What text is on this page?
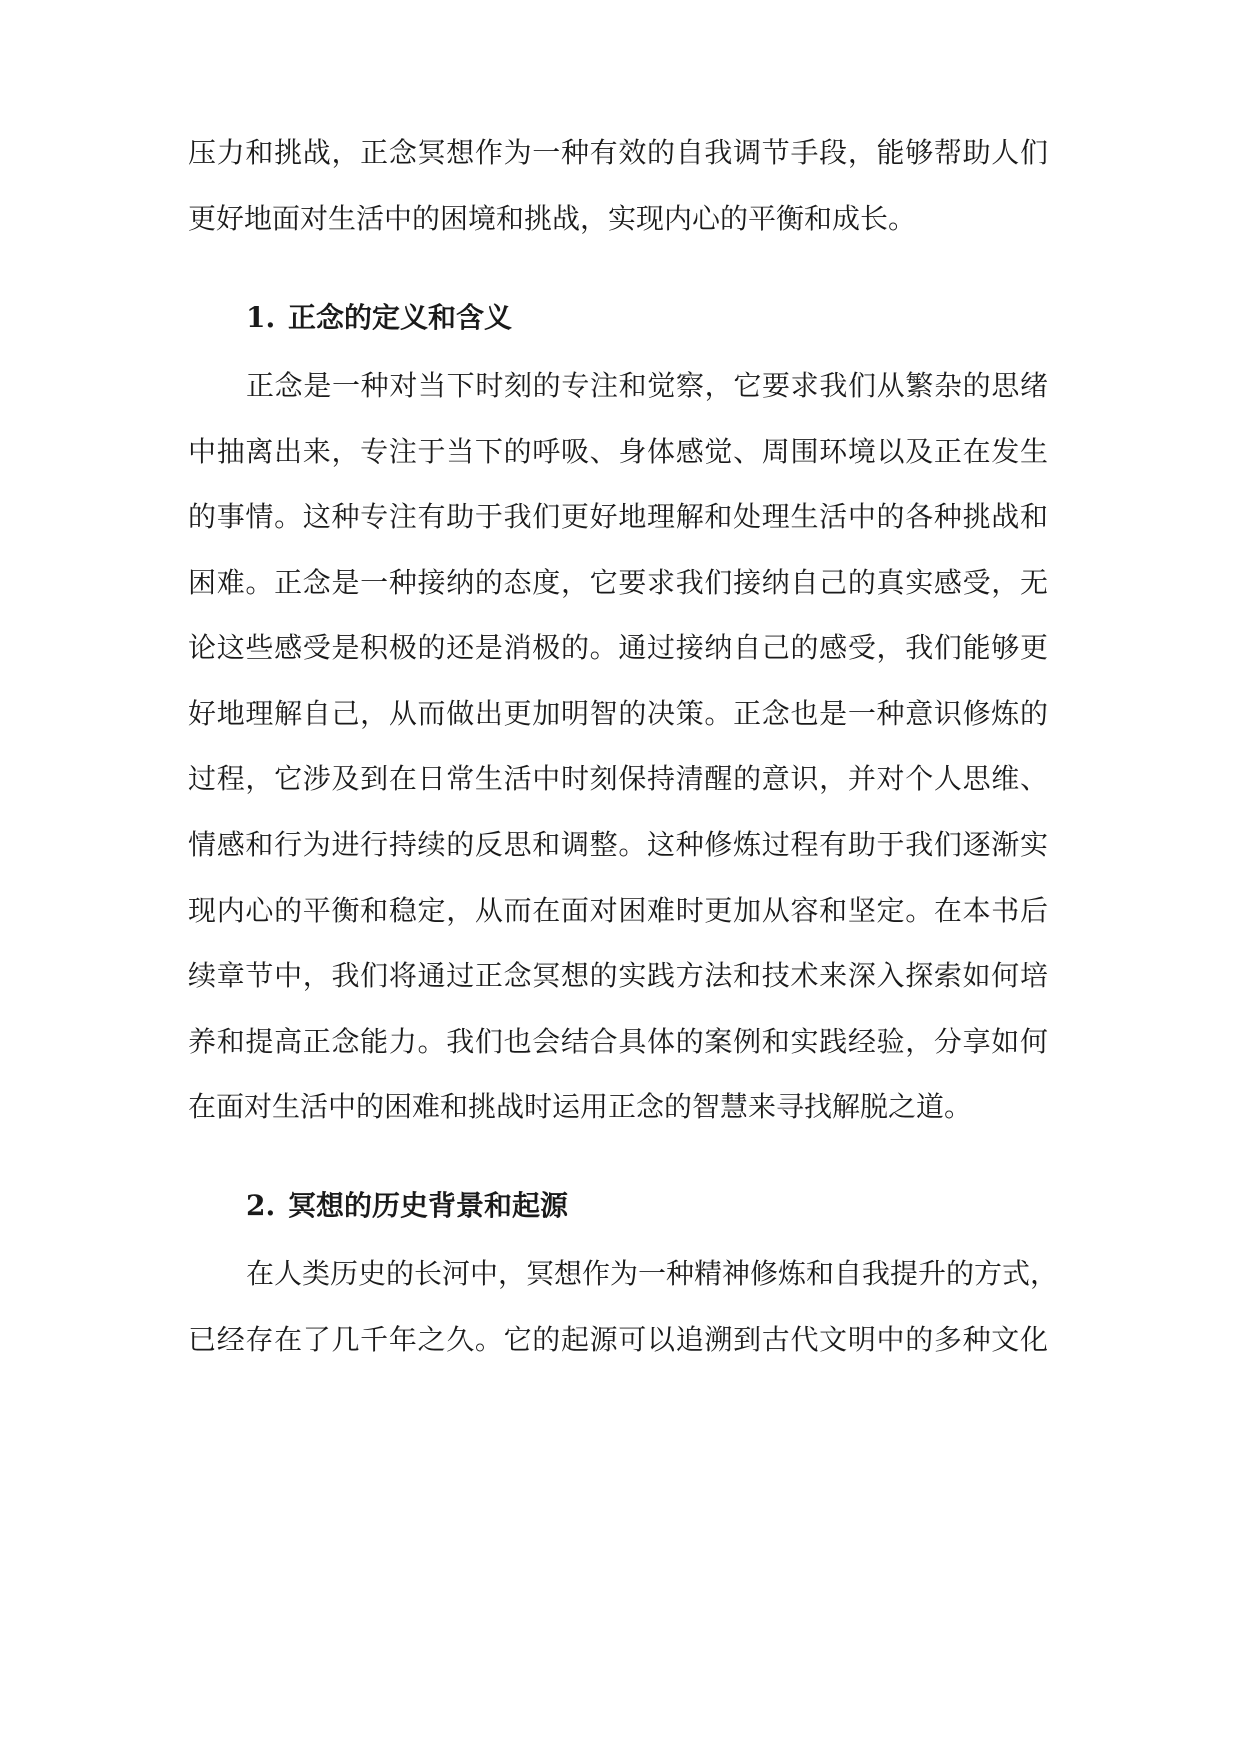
压力和挑战，正念冥想作为一种有效的自我调节手段，能够帮助人们
更好地面对生活中的困境和挑战，实现内心的平衡和成长。
1. 正念的定义和含义
正念是一种对当下时刻的专注和觉察，它要求我们从繁杂的思绪
中抽离出来，专注于当下的呼吸、身体感觉、周围环境以及正在发生
的事情。这种专注有助于我们更好地理解和处理生活中的各种挑战和
困难。正念是一种接纳的态度，它要求我们接纳自己的真实感受，无
论这些感受是积极的还是消极的。通过接纳自己的感受，我们能够更
好地理解自己，从而做出更加明智的决策。正念也是一种意识修炼的
过程，它涉及到在日常生活中时刻保持清醒的意识，并对个人思维、
情感和行为进行持续的反思和调整。这种修炼过程有助于我们逐渐实
现内心的平衡和稳定，从而在面对困难时更加从容和坚定。在本书后
续章节中，我们将通过正念冥想的实践方法和技术来深入探索如何培
养和提高正念能力。我们也会结合具体的案例和实践经验，分享如何
在面对生活中的困难和挑战时运用正念的智慧来寻找解脱之道。
2. 冥想的历史背景和起源
在人类历史的长河中，冥想作为一种精神修炼和自我提升的方式，
已经存在了几千年之久。它的起源可以追溯到古代文明中的多种文化
